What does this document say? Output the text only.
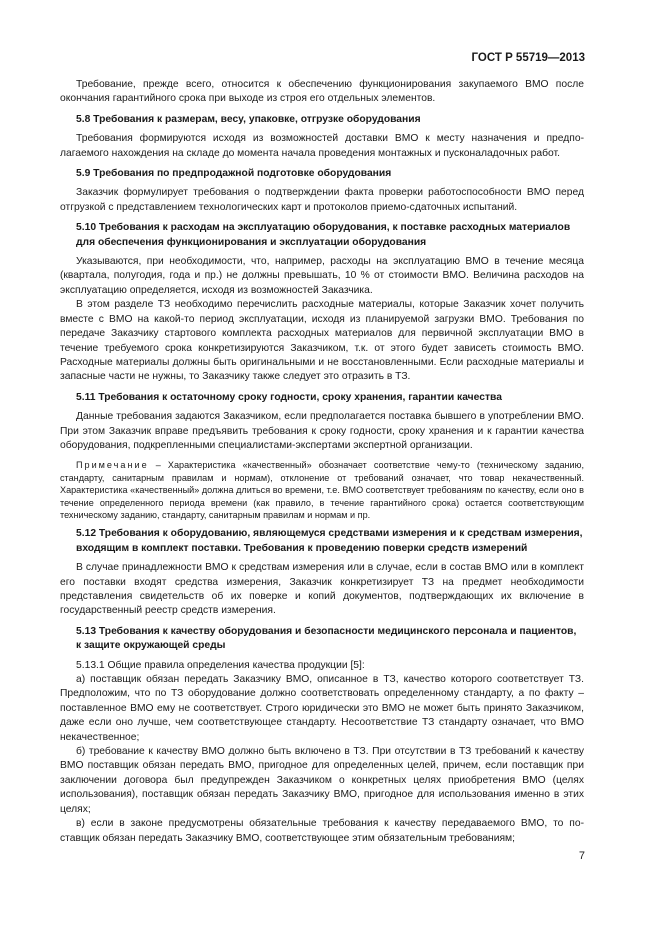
ГОСТ Р 55719—2013

Требование, прежде всего, относится к обеспечению функционирования закупаемого ВМО после окончания гарантийного срока при выходе из строя его отдельных элементов.

5.8 Требования к размерам, весу, упаковке, отгрузке оборудования

Требования формируются исходя из возможностей доставки ВМО к месту назначения и предполагаемого нахождения на складе до момента начала проведения монтажных и пусконаладочных работ.

5.9 Требования по предпродажной подготовке оборудования

Заказчик формулирует требования о подтверждении факта проверки работоспособности ВМО перед отгрузкой с представлением технологических карт и протоколов приемо-сдаточных испытаний.

5.10 Требования к расходам на эксплуатацию оборудования, к поставке расходных материалов для обеспечения функционирования и эксплуатации оборудования

Указываются, при необходимости, что, например, расходы на эксплуатацию ВМО в течение месяца (квартала, полугодия, года и пр.) не должны превышать, 10 % от стоимости ВМО. Величина расходов на эксплуатацию определяется, исходя из возможностей Заказчика.

В этом разделе ТЗ необходимо перечислить расходные материалы, которые Заказчик хочет получить вместе с ВМО на какой-то период эксплуатации, исходя из планируемой загрузки ВМО. Требования по передаче Заказчику стартового комплекта расходных материалов для первичной эксплуатации ВМО в течение требуемого срока конкретизируются Заказчиком, т.к. от этого будет зависеть стоимость ВМО. Расходные материалы должны быть оригинальными и не восстановленными. Если расходные материалы и запасные части не нужны, то Заказчику также следует это отразить в ТЗ.

5.11 Требования к остаточному сроку годности, сроку хранения, гарантии качества

Данные требования задаются Заказчиком, если предполагается поставка бывшего в употреблении ВМО. При этом Заказчик вправе предъявить требования к сроку годности, сроку хранения и к гарантии качества оборудования, подкрепленными специалистами-экспертами экспертной организации.

Примечание – Характеристика «качественный» обозначает соответствие чему-то (техническому заданию, стандарту, санитарным правилам и нормам), отклонение от требований означает, что товар некачественный. Характеристика «качественный» должна длиться во времени, т.е. ВМО соответствует требованиям по качеству, если оно в течение определенного периода времени (как правило, в течение гарантийного срока) остается соответствующим техническому заданию, стандарту, санитарным правилам и нормам и пр.

5.12 Требования к оборудованию, являющемуся средствами измерения и к средствам измерения, входящим в комплект поставки. Требования к проведению поверки средств измерений

В случае принадлежности ВМО к средствам измерения или в случае, если в состав ВМО или в комплект его поставки входят средства измерения, Заказчик конкретизирует ТЗ на предмет необходимости представления свидетельств об их поверке и копий документов, подтверждающих их включение в государственный реестр средств измерения.

5.13 Требования к качеству оборудования и безопасности медицинского персонала и пациентов, к защите окружающей среды

5.13.1 Общие правила определения качества продукции [5]:

а) поставщик обязан передать Заказчику ВМО, описанное в ТЗ, качество которого соответствует ТЗ. Предположим, что по ТЗ оборудование должно соответствовать определенному стандарту, а по факту – поставленное ВМО ему не соответствует. Строго юридически это ВМО не может быть принято Заказчиком, даже если оно лучше, чем соответствующее стандарту. Несоответствие ТЗ стандарту означает, что ВМО некачественное;

б) требование к качеству ВМО должно быть включено в ТЗ. При отсутствии в ТЗ требований к качеству ВМО поставщик обязан передать ВМО, пригодное для определенных целей, причем, если поставщик при заключении договора был предупрежден Заказчиком о конкретных целях приобретения ВМО (целях использования), поставщик обязан передать Заказчику ВМО, пригодное для использования именно в этих целях;

в) если в законе предусмотрены обязательные требования к качеству передаваемого ВМО, то поставщик обязан передать Заказчику ВМО, соответствующее этим обязательным требованиям;

7
